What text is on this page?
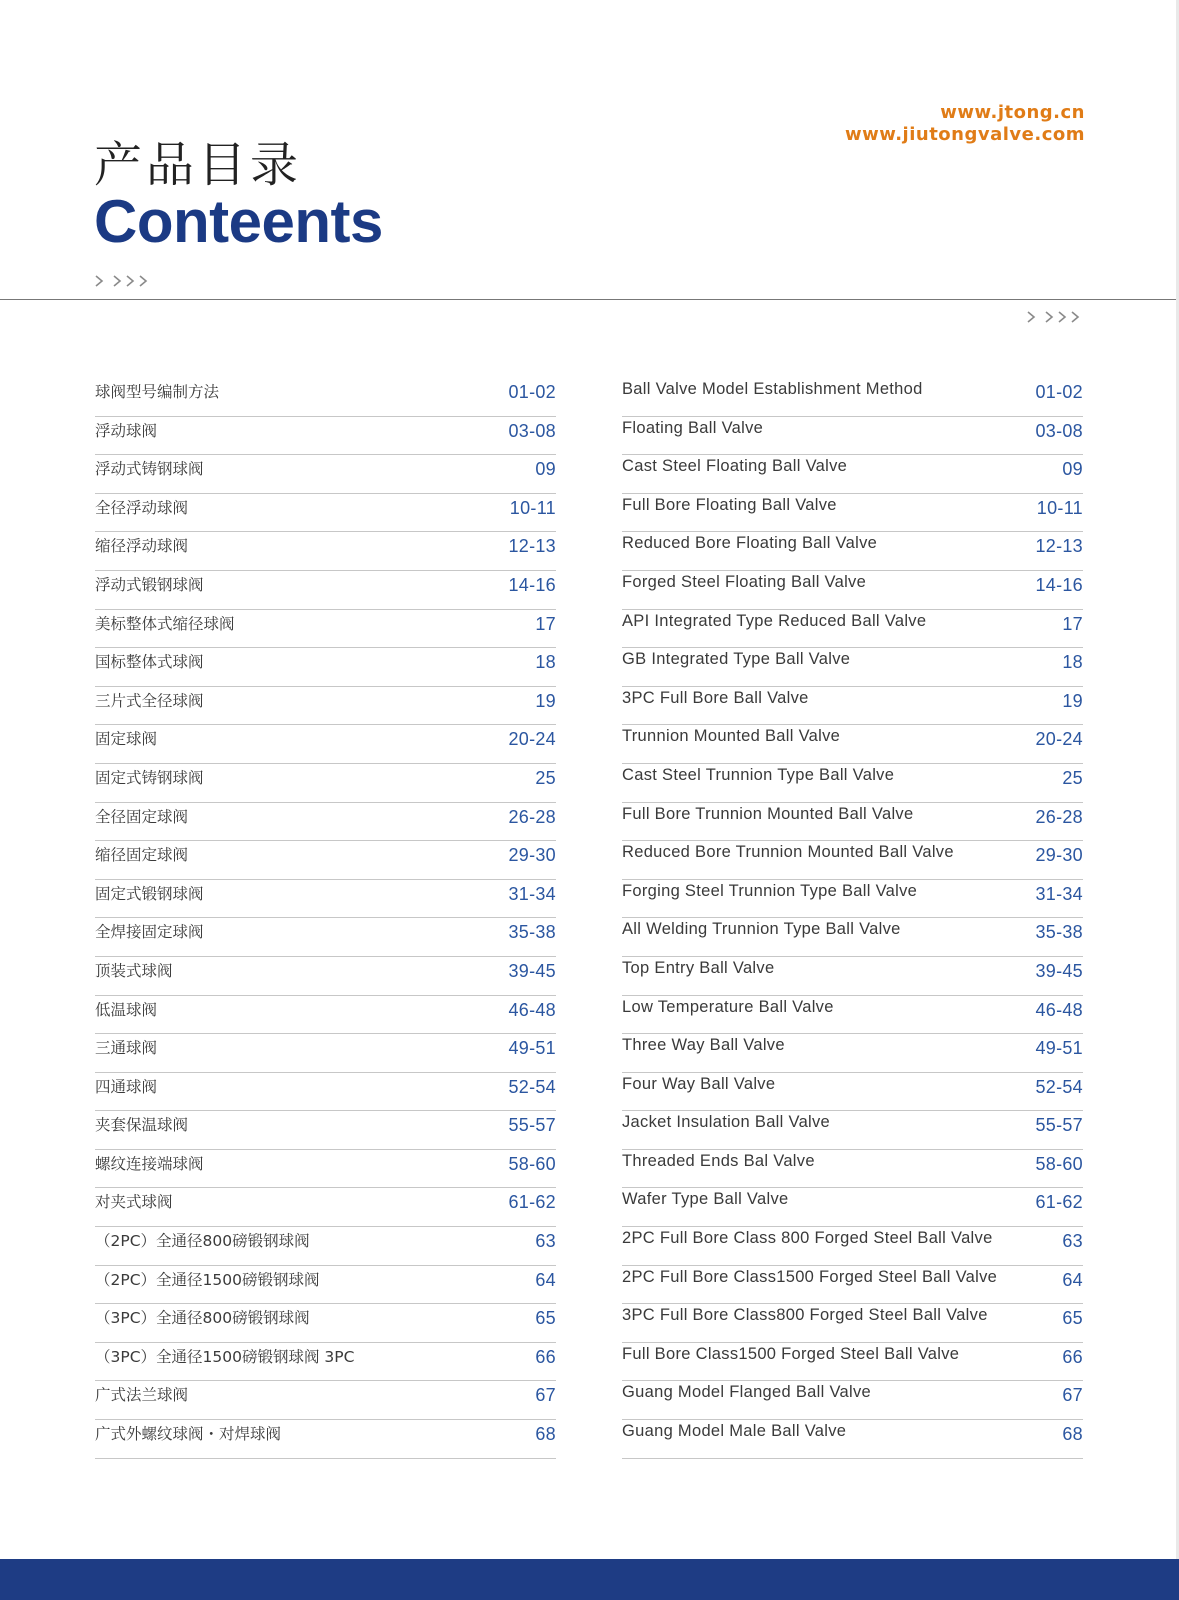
www.jtong.cn
www.jiutongvalve.com
产品目录
Conteents
球阀型号编制方法	01-02
浮动球阀	03-08
浮动式铸钢球阀	09
全径浮动球阀	10-11
缩径浮动球阀	12-13
浮动式锻钢球阀	14-16
美标整体式缩径球阀	17
国标整体式球阀	18
三片式全径球阀	19
固定球阀	20-24
固定式铸钢球阀	25
全径固定球阀	26-28
缩径固定球阀	29-30
固定式锻钢球阀	31-34
全焊接固定球阀	35-38
顶装式球阀	39-45
低温球阀	46-48
三通球阀	49-51
四通球阀	52-54
夹套保温球阀	55-57
螺纹连接端球阀	58-60
对夹式球阀	61-62
（2PC）全通径800磅锻钢球阀	63
（2PC）全通径1500磅锻钢球阀	64
（3PC）全通径800磅锻钢球阀	65
（3PC）全通径1500磅锻钢球阀 3PC	66
广式法兰球阀	67
广式外螺纹球阀・对焊球阀	68
Ball Valve Model Establishment Method	01-02
Floating Ball Valve	03-08
Cast Steel Floating Ball Valve	09
Full Bore Floating Ball Valve	10-11
Reduced Bore Floating Ball Valve	12-13
Forged Steel Floating Ball Valve	14-16
API Integrated Type Reduced Ball Valve	17
GB Integrated Type Ball Valve	18
3PC Full Bore Ball Valve	19
Trunnion Mounted Ball Valve	20-24
Cast Steel Trunnion Type Ball Valve	25
Full Bore Trunnion Mounted Ball Valve	26-28
Reduced Bore Trunnion Mounted Ball Valve	29-30
Forging Steel Trunnion Type Ball Valve	31-34
All Welding Trunnion Type Ball Valve	35-38
Top Entry Ball Valve	39-45
Low Temperature Ball Valve	46-48
Three Way Ball Valve	49-51
Four Way Ball Valve	52-54
Jacket Insulation Ball Valve	55-57
Threaded Ends Bal Valve	58-60
Wafer Type Ball Valve	61-62
2PC Full Bore Class 800 Forged Steel Ball Valve	63
2PC Full Bore Class1500 Forged Steel Ball Valve	64
3PC Full Bore Class800 Forged Steel Ball Valve	65
Full Bore Class1500 Forged Steel Ball Valve	66
Guang Model Flanged Ball Valve	67
Guang Model Male Ball Valve	68
